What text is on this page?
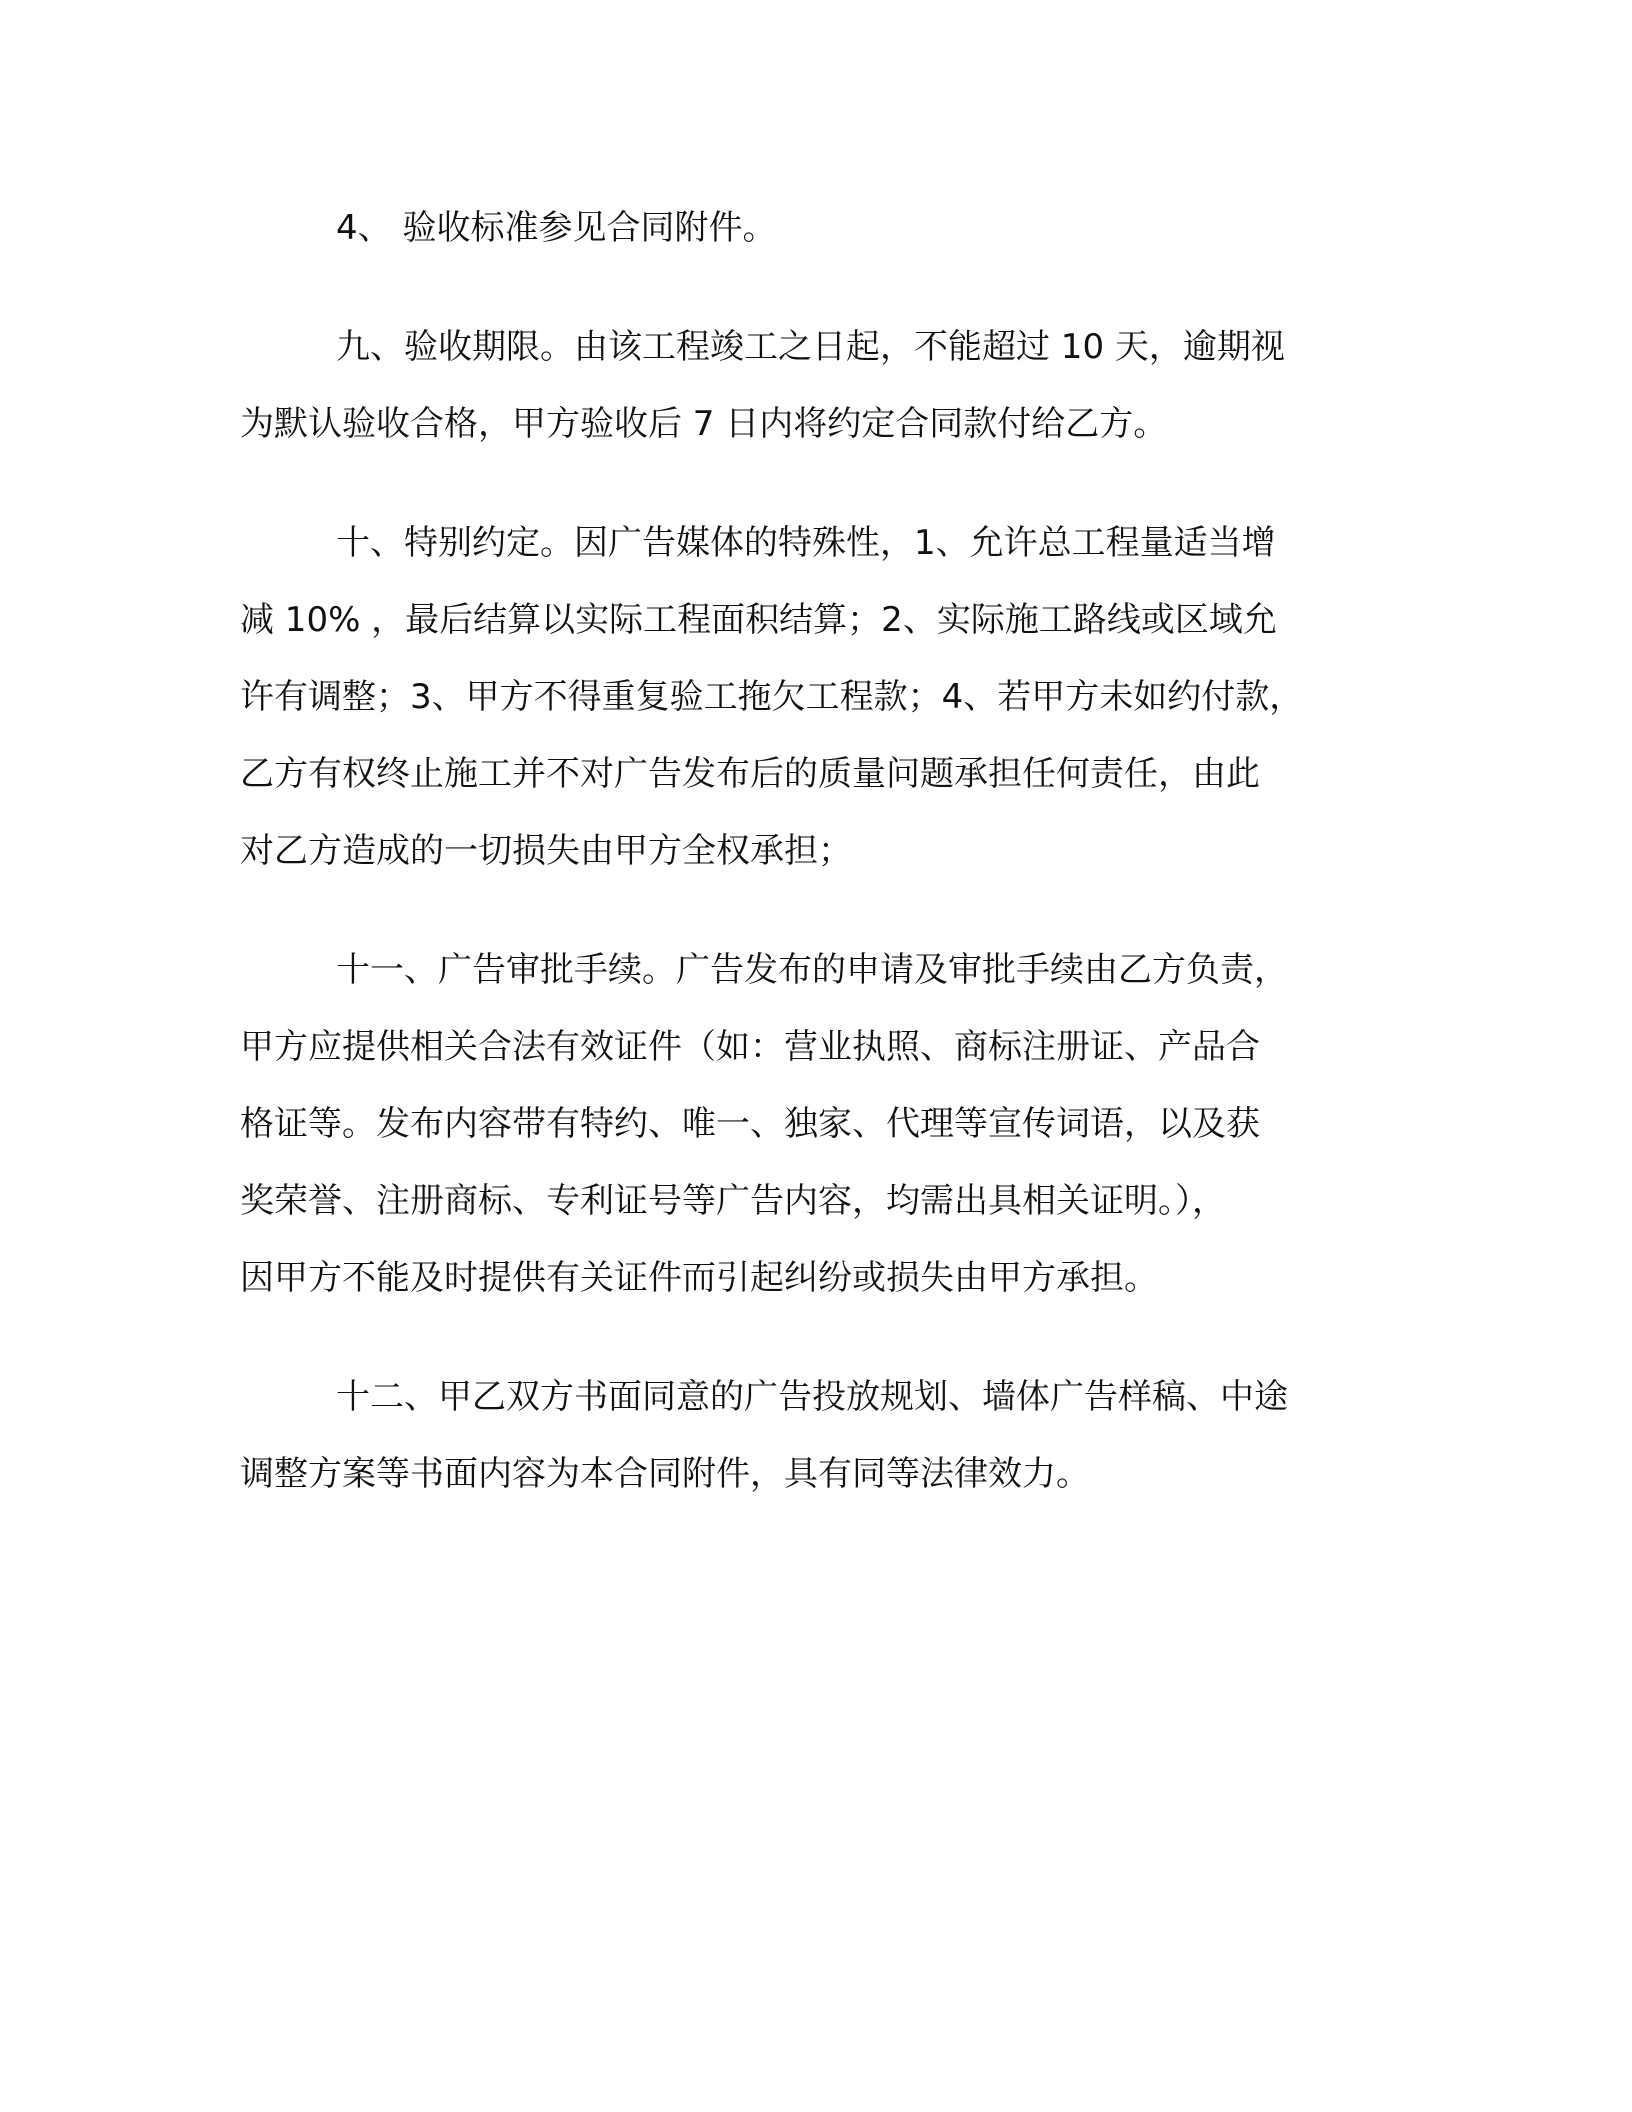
4、 验收标准参见合同附件。

九、验收期限。由该工程竣工之日起，不能超过 10 天，逾期视
为默认验收合格，甲方验收后 7 日内将约定合同款付给乙方。

十、特别约定。因广告媒体的特殊性，1、允许总工程量适当增
减 10% ，最后结算以实际工程面积结算；2、实际施工路线或区域允
许有调整；3、甲方不得重复验工拖欠工程款；4、若甲方未如约付款，
乙方有权终止施工并不对广告发布后的质量问题承担任何责任，由此
对乙方造成的一切损失由甲方全权承担；

十一、广告审批手续。广告发布的申请及审批手续由乙方负责，
甲方应提供相关合法有效证件（如：营业执照、商标注册证、产品合
格证等。发布内容带有特约、唯一、独家、代理等宣传词语，以及获
奖荣誉、注册商标、专利证号等广告内容，均需出具相关证明。），
因甲方不能及时提供有关证件而引起纠纷或损失由甲方承担。

十二、甲乙双方书面同意的广告投放规划、墙体广告样稿、中途
调整方案等书面内容为本合同附件，具有同等法律效力。
